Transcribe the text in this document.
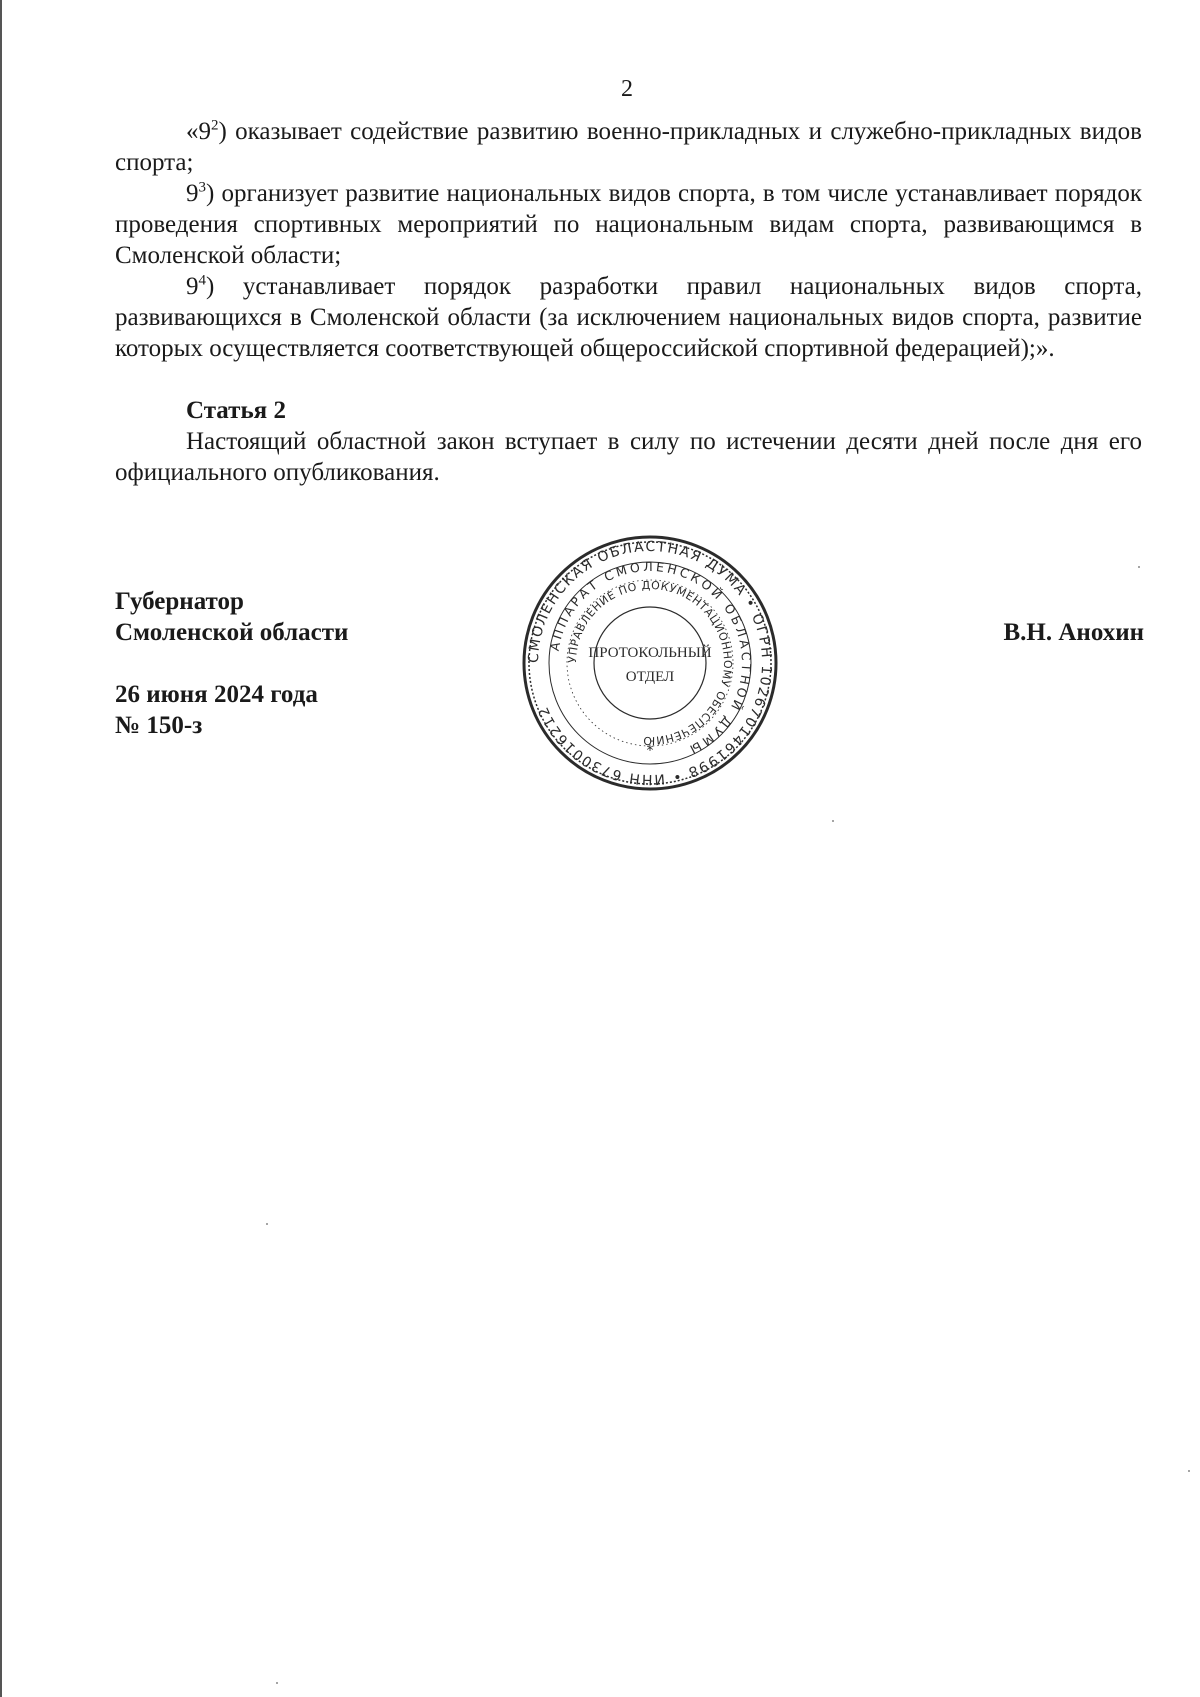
2

«$9^2$) оказывает содействие развитию военно-прикладных и служебно-прикладных видов спорта;

$9^3$) организует развитие национальных видов спорта, в том числе устанавливает порядок проведения спортивных мероприятий по национальным видам спорта, развивающимся в Смоленской области;

$9^4$) устанавливает порядок разработки правил национальных видов спорта, развивающихся в Смоленской области (за исключением национальных видов спорта, развитие которых осуществляется соответствующей общероссийской спортивной федерацией);».

Статья 2

Настоящий областной закон вступает в силу по истечении десяти дней после дня его официального опубликования.

Губернатор
Смоленской области
26 июня 2024 года
№ 150-з
В.Н. Анохин
СМОЛЕНСКАЯ ОБЛАСТНАЯ ДУМА • ОГРН 1026701461998 • ИНН 6730016212
АППАРАТ СМОЛЕНСКОЙ ОБЛАСТНОЙ ДУМЫ
УПРАВЛЕНИЕ ПО ДОКУМЕНТАЦИОННОМУ ОБЕСПЕЧЕНИЮ
ПРОТОКОЛЬНЫЙ
ОТДЕЛ
*
